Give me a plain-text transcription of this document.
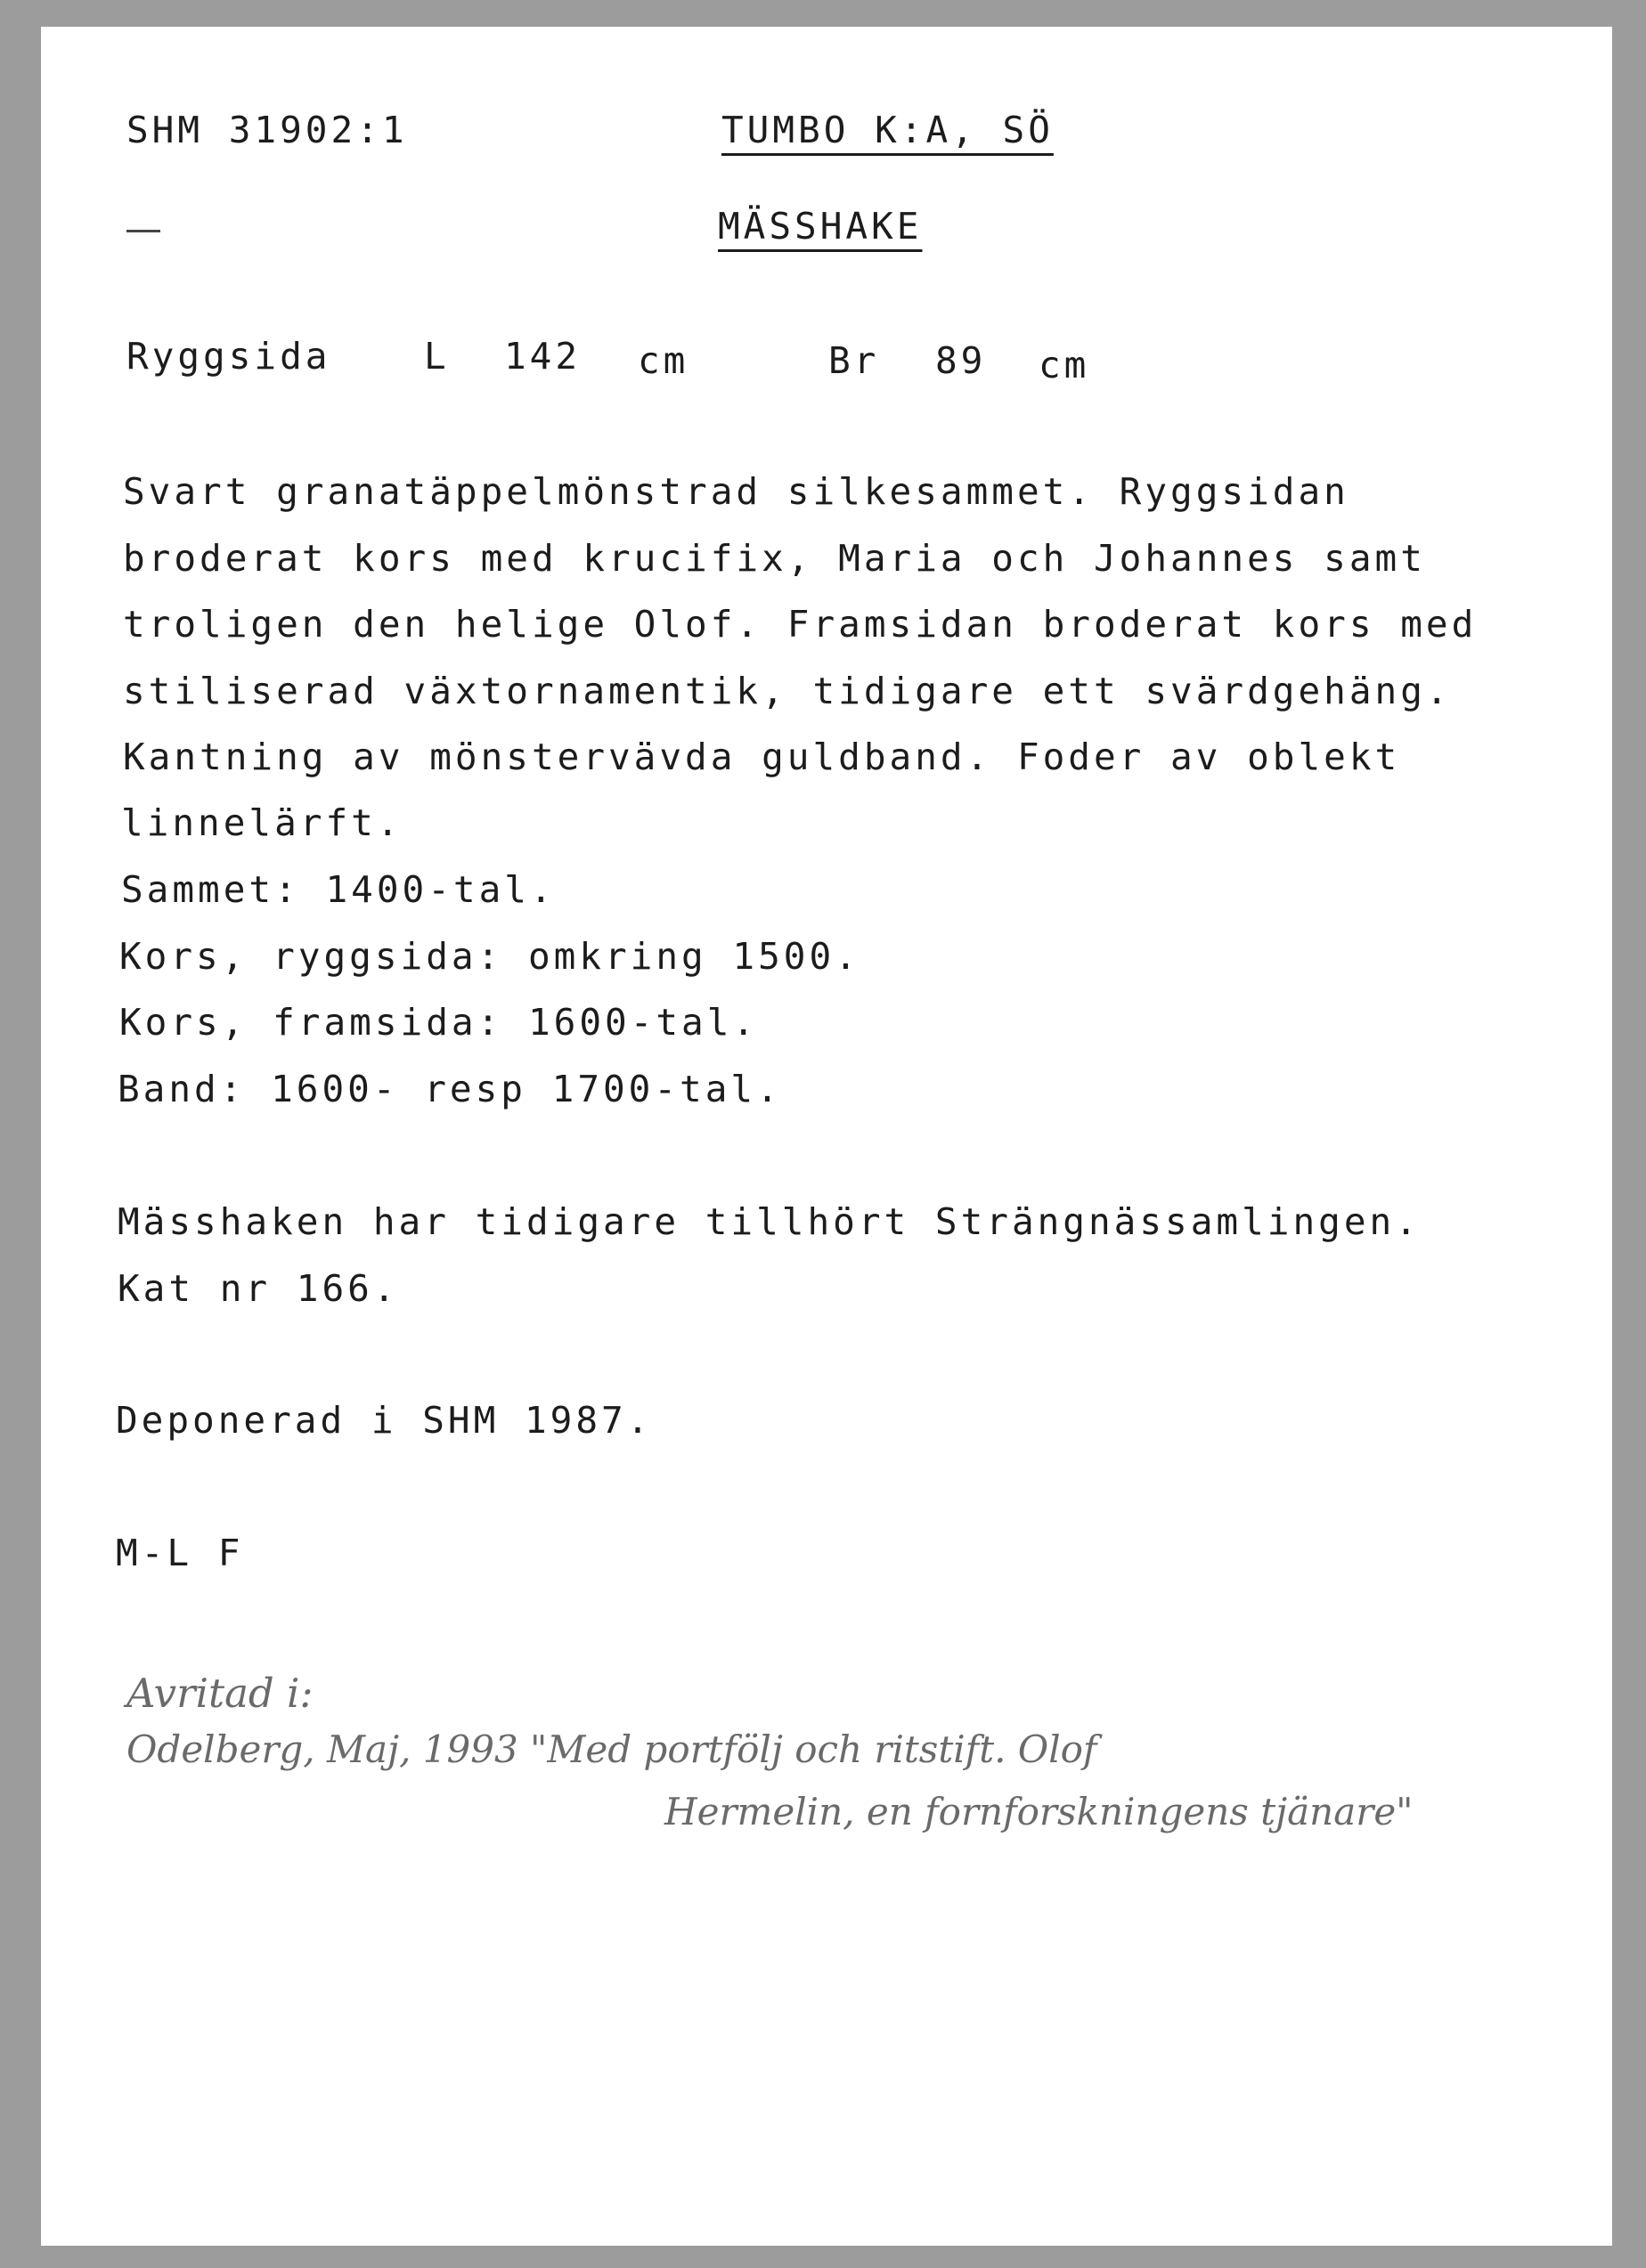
SHM 31902:1	TUMBO K:A, SÖ
MÄSSHAKE
Ryggsida	L 142 cm	Br 89 cm
Svart granatäppelmönstrad silkesammet. Ryggsidan
broderat kors med krucifix, Maria och Johannes samt
troligen den helige Olof. Framsidan broderat kors med
stiliserad växtornamentik, tidigare ett svärdgehäng.
Kantning av mönstervävda guldband. Foder av oblekt
linnelärft.
Sammet: 1400-tal.
Kors, ryggsida: omkring 1500.
Kors, framsida: 1600-tal.
Band: 1600- resp 1700-tal.
Mässhaken har tidigare tillhört Strängnässamlingen.
Kat nr 166.
Deponerad i SHM 1987.
M-L F
Avritad i:
Odelberg, Maj, 1993 "Med portfölj och ritstift. Olof
Hermelin, en fornforskningens tjänare"
